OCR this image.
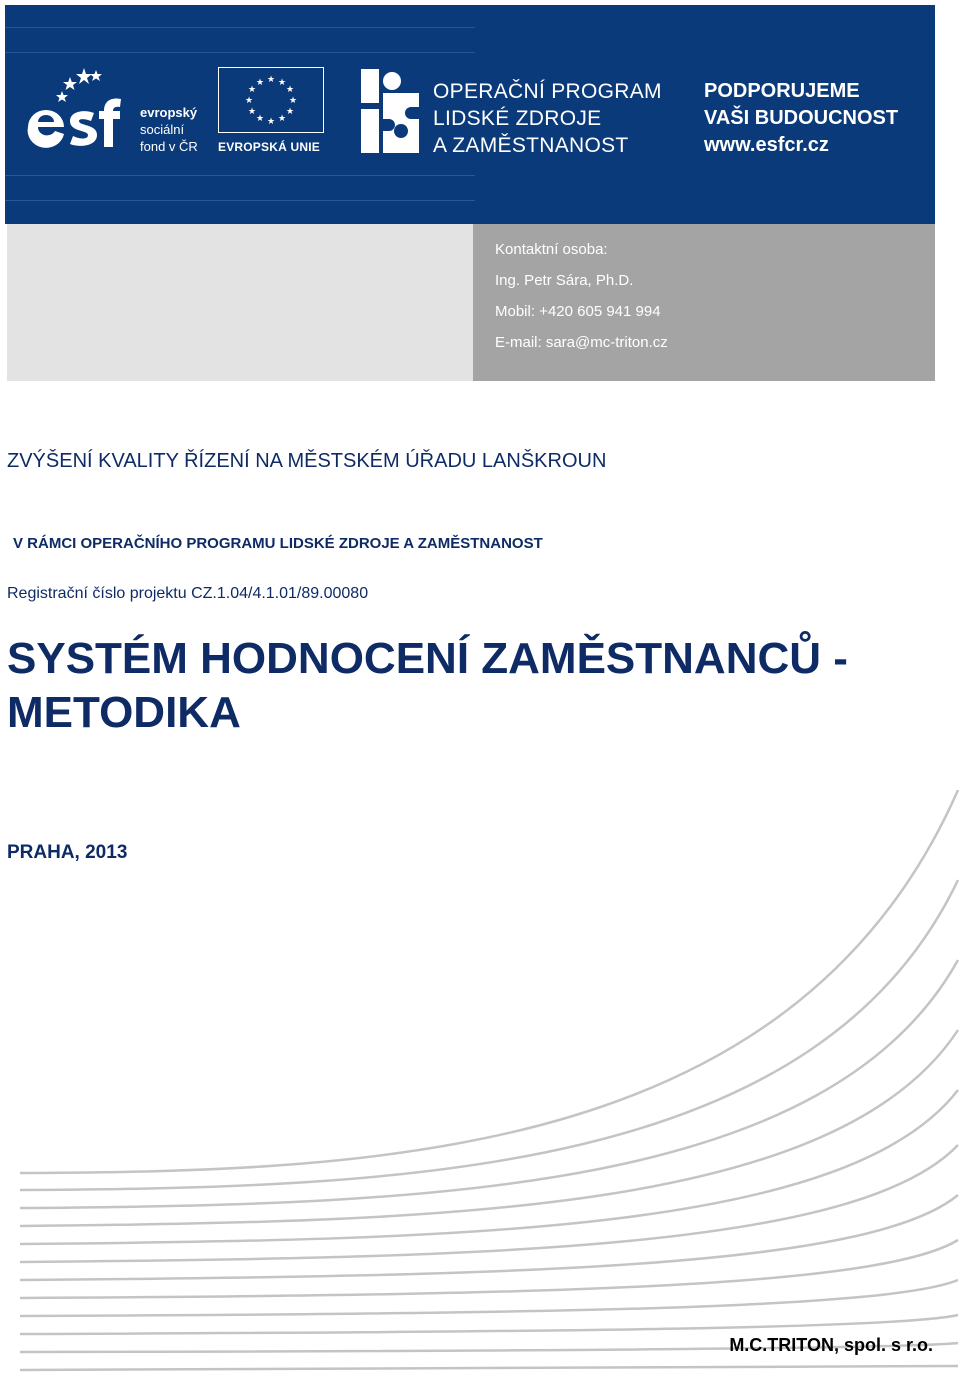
evropský
sociální
fond v ČR
★ ★
★
★
★
★
★
★
★
★
★
★
EVROPSKÁ UNIE
OPERAČNÍ PROGRAM
LIDSKÉ ZDROJE
A ZAMĚSTNANOST
PODPORUJEME
VAŠI BUDOUCNOST
www.esfcr.cz
Kontaktní osoba:
Ing. Petr Sára, Ph.D.
Mobil: +420 605 941 994
E-mail: sara@mc-triton.cz
ZVÝŠENÍ KVALITY ŘÍZENÍ NA MĚSTSKÉM ÚŘADU LANŠKROUN
V RÁMCI OPERAČNÍHO PROGRAMU LIDSKÉ ZDROJE A ZAMĚSTNANOST
Registrační číslo projektu CZ.1.04/4.1.01/89.00080
SYSTÉM HODNOCENÍ ZAMĚSTNANCŮ -
METODIKA
PRAHA, 2013
M.C.TRITON, spol. s r.o.
